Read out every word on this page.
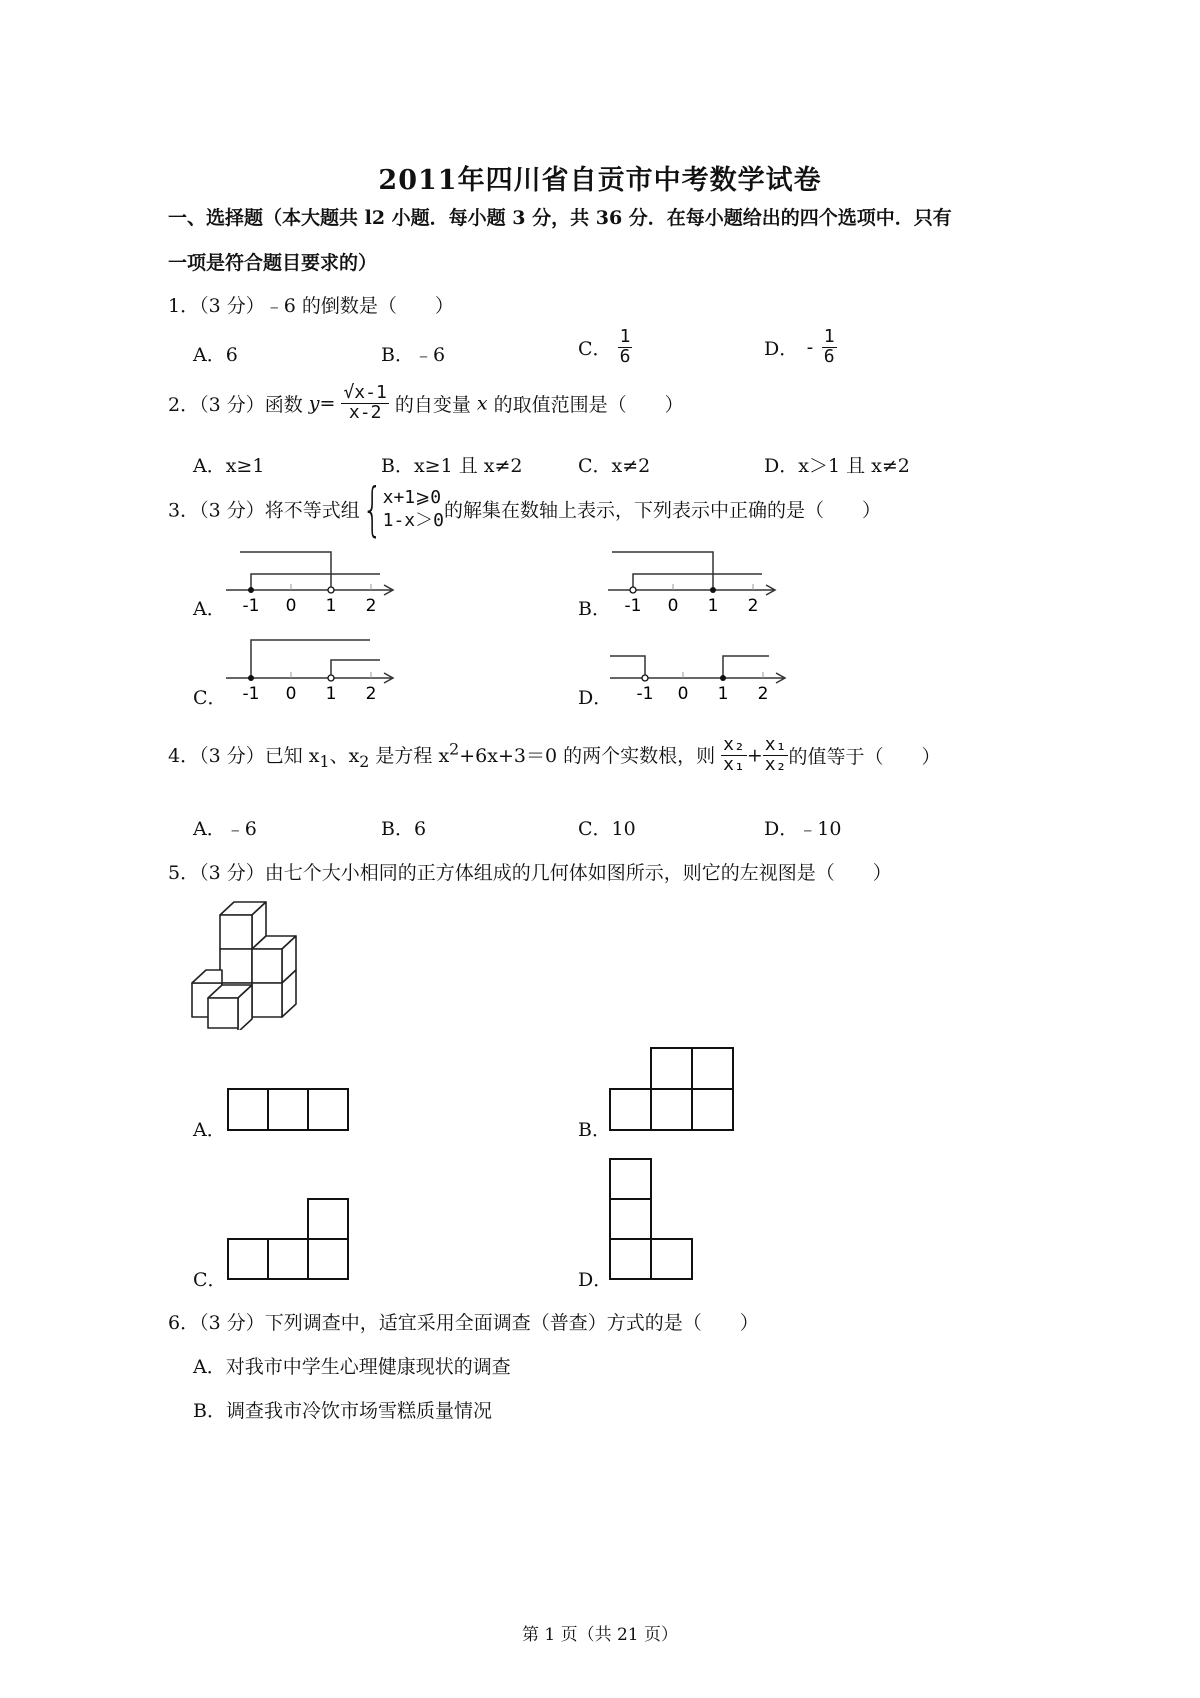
2011年四川省自贡市中考数学试卷
一、选择题（本大题共 l2 小题．每小题 3 分，共 36 分．在每小题给出的四个选项中．只有
一项是符合题目要求的）
1．（3 分）﹣6 的倒数是（　　）
A．6	B．﹣6	C． $\frac{1}{6}$	D． - $\frac{1}{6}$
2．（3 分）函数 $y= \frac{√x-1}{x-2}$ 的自变量 x 的取值范围是（　　）
A．x≥1	B．x≥1 且 x≠2	C．x≠2	D．x＞1 且 x≠2
3．（3 分）将不等式组{x+1⩾0
1-x＞0的解集在数轴上表示，下列表示中正确的是（　　）
A．	B．
C．	D．
-1 0 1 2	-1 0 1 2
-1 0 1 2	-1 0 1 2
4．（3 分）已知 $x_1$、$x_2$ 是方程 $x^2+6x+3=0$ 的两个实数根，则 $\frac{\text{x₂}}{\text{x₁}} + \frac{\text{x₁}}{\text{x₂}}$ 的值等于（　　）
A．﹣6	B．6	C．10	D．﹣10
5．（3 分）由七个大小相同的正方体组成的几何体如图所示，则它的左视图是（　　）
A．	B．
C．	D．
6．（3 分）下列调查中，适宜采用全面调查（普查）方式的是（　　）
A．对我市中学生心理健康现状的调查
B．调查我市冷饮市场雪糕质量情况
第 1 页（共 21 页）
